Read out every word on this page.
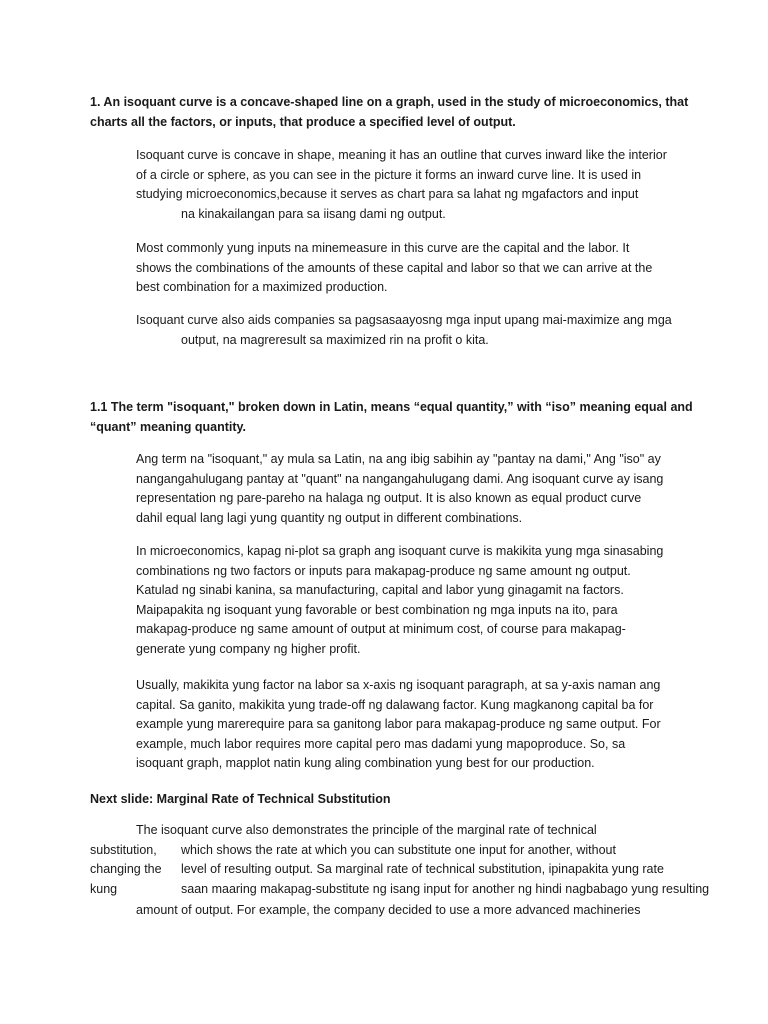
1. An isoquant curve is a concave-shaped line on a graph, used in the study of microeconomics, that
charts all the factors, or inputs, that produce a specified level of output.
Isoquant curve is concave in shape, meaning it has an outline that curves inward like the interior
of a circle or sphere, as you can see in the picture it forms an inward curve line. It is used in
studying microeconomics,because it serves as chart para sa lahat ng mgafactors and input
na kinakailangan para sa iisang dami ng output.
Most commonly yung inputs na minemeasure in this curve are the capital and the labor. It
shows the combinations of the amounts of these capital and labor so that we can arrive at the
best combination for a maximized production.
Isoquant curve also aids companies sa pagsasaayosng mga input upang mai-maximize ang mga
output, na magreresult sa maximized rin na profit o kita.
1.1 The term "isoquant," broken down in Latin, means “equal quantity,” with “iso” meaning equal and
“quant” meaning quantity.
Ang term na "isoquant," ay mula sa Latin, na ang ibig sabihin ay "pantay na dami," Ang "iso" ay
nangangahulugang pantay at "quant" na nangangahulugang dami. Ang isoquant curve ay isang
representation ng pare-pareho na halaga ng output. It is also known as equal product curve
dahil equal lang lagi yung quantity ng output in different combinations.
In microeconomics, kapag ni-plot sa graph ang isoquant curve is makikita yung mga sinasabing
combinations ng two factors or inputs para makapag-produce ng same amount ng output.
Katulad ng sinabi kanina, sa manufacturing, capital and labor yung ginagamit na factors.
Maipapakita ng isoquant yung favorable or best combination ng mga inputs na ito, para
makapag-produce ng same amount of output at minimum cost, of course para makapag-
generate yung company ng higher profit.
Usually, makikita yung factor na labor sa x-axis ng isoquant paragraph, at sa y-axis naman ang
capital. Sa ganito, makikita yung trade-off ng dalawang factor. Kung magkanong capital ba for
example yung marerequire para sa ganitong labor para makapag-produce ng same output. For
example, much labor requires more capital pero mas dadami yung mapoproduce. So, sa
isoquant graph, mapplot natin kung aling combination yung best for our production.
Next slide: Marginal Rate of Technical Substitution
The isoquant curve also demonstrates the principle of the marginal rate of technical
substitution, which shows the rate at which you can substitute one input for another, without
changing the level of resulting output. Sa marginal rate of technical substitution, ipinapakita yung rate
kung	saan maaring makapag-substitute ng isang input for another ng hindi nagbabago yung resulting
amount of output. For example, the company decided to use a more advanced machineries
